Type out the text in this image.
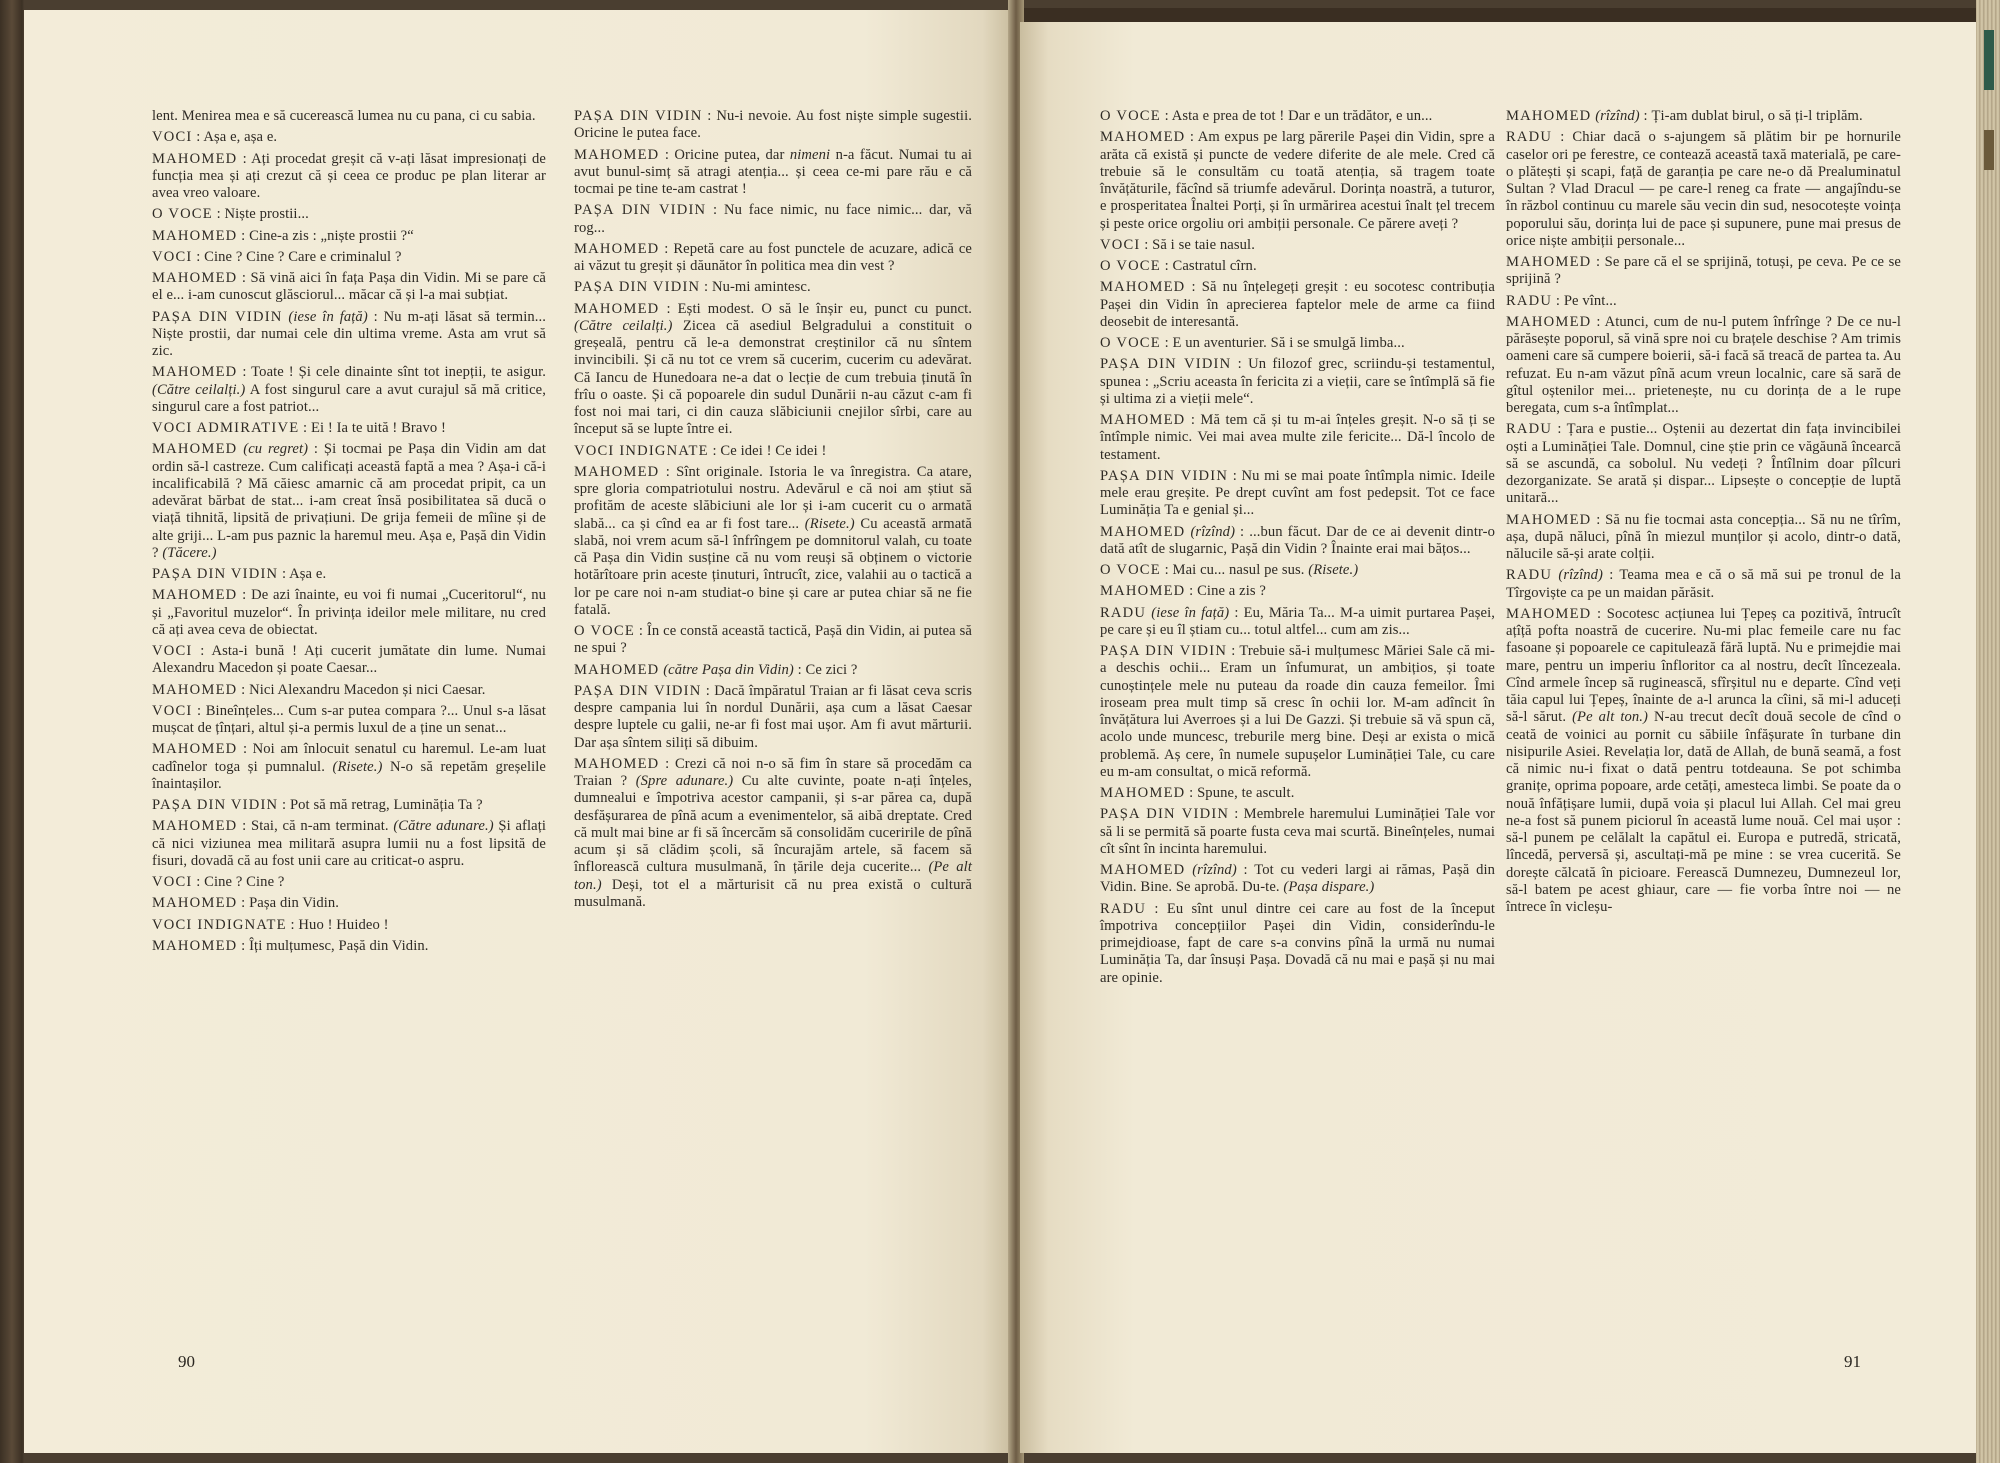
lent. Menirea mea e să cucerească lumea nu cu pana, ci cu sabia.

VOCI : Așa e, așa e.

MAHOMED : Ați procedat greșit că v-ați lăsat impresionați de funcția mea și ați crezut că și ceea ce produc pe plan literar ar avea vreo valoare.

O VOCE : Niște prostii...

MAHOMED : Cine-a zis : „niște prostii ?“

VOCI : Cine ? Cine ? Care e criminalul ?

MAHOMED : Să vină aici în fața Pașa din Vidin. Mi se pare că el e... i-am cunoscut glăsciorul... măcar că și l-a mai subțiat.

PAȘA DIN VIDIN (iese în față) : Nu m-ați lăsat să termin... Niște prostii, dar numai cele din ultima vreme. Asta am vrut să zic.

MAHOMED : Toate ! Și cele dinainte sînt tot inepții, te asigur. (Către ceilalți.) A fost singurul care a avut curajul să mă critice, singurul care a fost patriot...

VOCI ADMIRATIVE : Ei ! Ia te uită ! Bravo !

MAHOMED (cu regret) : Și tocmai pe Pașa din Vidin am dat ordin să-l castreze. Cum calificați această faptă a mea ? Așa-i că-i incalificabilă ? Mă căiesc amarnic că am procedat pripit, ca un adevărat bărbat de stat... i-am creat însă posibilitatea să ducă o viață tihnită, lipsită de privațiuni. De grija femeii de mîine și de alte griji... L-am pus paznic la haremul meu. Așa e, Pașă din Vidin ? (Tăcere.)

PAȘA DIN VIDIN : Așa e.

MAHOMED : De azi înainte, eu voi fi numai „Cuceritorul“, nu și „Favoritul muzelor“. În privința ideilor mele militare, nu cred că ați avea ceva de obiectat.

VOCI : Asta-i bună ! Ați cucerit jumătate din lume. Numai Alexandru Macedon și poate Caesar...

MAHOMED : Nici Alexandru Macedon și nici Caesar.

VOCI : Bineînțeles... Cum s-ar putea compara ?... Unul s-a lăsat mușcat de țînțari, altul și-a permis luxul de a ține un senat...

MAHOMED : Noi am înlocuit senatul cu haremul. Le-am luat cadînelor toga și pumnalul. (Risete.) N-o să repetăm greșelile înaintașilor.

PAȘA DIN VIDIN : Pot să mă retrag, Luminăția Ta ?

MAHOMED : Stai, că n-am terminat. (Către adunare.) Și aflați că nici viziunea mea militară asupra lumii nu a fost lipsită de fisuri, dovadă că au fost unii care au criticat-o aspru.

VOCI : Cine ? Cine ?

MAHOMED : Pașa din Vidin.

VOCI INDIGNATE : Huo ! Huideo !

MAHOMED : Îți mulțumesc, Pașă din Vidin.

PAȘA DIN VIDIN : Nu-i nevoie. Au fost niște simple sugestii. Oricine le putea face.

MAHOMED : Oricine putea, dar nimeni n-a făcut. Numai tu ai avut bunul-simț să atragi atenția... și ceea ce-mi pare rău e că tocmai pe tine te-am castrat !

PAȘA DIN VIDIN : Nu face nimic, nu face nimic... dar, vă rog...

MAHOMED : Repetă care au fost punctele de acuzare, adică ce ai văzut tu greșit și dăunător în politica mea din vest ?

PAȘA DIN VIDIN : Nu-mi amintesc.

MAHOMED : Ești modest. O să le înșir eu, punct cu punct. (Către ceilalți.) Zicea că asediul Belgradului a constituit o greșeală, pentru că le-a demonstrat creștinilor că nu sîntem invincibili. Și că nu tot ce vrem să cucerim, cucerim cu adevărat. Că Iancu de Hunedoara ne-a dat o lecție de cum trebuia ținută în frîu o oaste. Și că popoarele din sudul Dunării n-au căzut c-am fi fost noi mai tari, ci din cauza slăbiciunii cnejilor sîrbi, care au început să se lupte între ei.

VOCI INDIGNATE : Ce idei ! Ce idei !

MAHOMED : Sînt originale. Istoria le va înregistra. Ca atare, spre gloria compatriotului nostru. Adevărul e că noi am știut să profităm de aceste slăbiciuni ale lor și i-am cucerit cu o armată slabă... ca și cînd ea ar fi fost tare... (Risete.) Cu această armată slabă, noi vrem acum să-l înfrîngem pe domnitorul valah, cu toate că Pașa din Vidin susține că nu vom reuși să obținem o victorie hotărîtoare prin aceste ținuturi, întrucît, zice, valahii au o tactică a lor pe care noi n-am studiat-o bine și care ar putea chiar să ne fie fatală.

O VOCE : În ce constă această tactică, Pașă din Vidin, ai putea să ne spui ?

MAHOMED (către Pașa din Vidin) : Ce zici ?

PAȘA DIN VIDIN : Dacă împăratul Traian ar fi lăsat ceva scris despre campania lui în nordul Dunării, așa cum a lăsat Caesar despre luptele cu galii, ne-ar fi fost mai ușor. Am fi avut mărturii. Dar așa sîntem siliți să dibuim.

MAHOMED : Crezi că noi n-o să fim în stare să procedăm ca Traian ? (Spre adunare.) Cu alte cuvinte, poate n-ați înțeles, dumnealui e împotriva acestor campanii, și s-ar părea ca, după desfășurarea de pînă acum a evenimentelor, să aibă dreptate. Cred că mult mai bine ar fi să încercăm să consolidăm cuceririle de pînă acum și să clădim școli, să încurajăm artele, să facem să înflorească cultura musulmană, în țările deja cucerite... (Pe alt ton.) Deși, tot el a mărturisit că nu prea există o cultură musulmană.

O VOCE : Asta e prea de tot ! Dar e un trădător, e un...

MAHOMED : Am expus pe larg părerile Pașei din Vidin, spre a arăta că există și puncte de vedere diferite de ale mele. Cred că trebuie să le consultăm cu toată atenția, să tragem toate învățăturile, făcînd să triumfe adevărul. Dorința noastră, a tuturor, e prosperitatea Înaltei Porți, și în urmărirea acestui înalt țel trecem și peste orice orgoliu ori ambiții personale. Ce părere aveți ?

VOCI : Să i se taie nasul.

O VOCE : Castratul cîrn.

MAHOMED : Să nu înțelegeți greșit : eu socotesc contribuția Pașei din Vidin în aprecierea faptelor mele de arme ca fiind deosebit de interesantă.

O VOCE : E un aventurier. Să i se smulgă limba...

PAȘA DIN VIDIN : Un filozof grec, scriindu-și testamentul, spunea : „Scriu aceasta în fericita zi a vieții, care se întîmplă să fie și ultima zi a vieții mele“.

MAHOMED : Mă tem că și tu m-ai înțeles greșit. N-o să ți se întîmple nimic. Vei mai avea multe zile fericite... Dă-l încolo de testament.

PAȘA DIN VIDIN : Nu mi se mai poate întîmpla nimic. Ideile mele erau greșite. Pe drept cuvînt am fost pedepsit. Tot ce face Luminăția Ta e genial și...

MAHOMED (rîzînd) : ...bun făcut. Dar de ce ai devenit dintr-o dată atît de slugarnic, Pașă din Vidin ? Înainte erai mai bățos...

O VOCE : Mai cu... nasul pe sus. (Risete.)

MAHOMED : Cine a zis ?

RADU (iese în față) : Eu, Măria Ta... M-a uimit purtarea Pașei, pe care și eu îl știam cu... totul altfel... cum am zis...

PAȘA DIN VIDIN : Trebuie să-i mulțumesc Măriei Sale că mi-a deschis ochii... Eram un înfumurat, un ambițios, și toate cunoștințele mele nu puteau da roade din cauza femeilor. Îmi iroseam prea mult timp să cresc în ochii lor. M-am adîncit în învățătura lui Averroes și a lui De Gazzi. Și trebuie să vă spun că, acolo unde muncesc, treburile merg bine. Deși ar exista o mică problemă. Aș cere, în numele supușelor Luminăției Tale, cu care eu m-am consultat, o mică reformă.

MAHOMED : Spune, te ascult.

PAȘA DIN VIDIN : Membrele haremului Luminăției Tale vor să li se permită să poarte fusta ceva mai scurtă. Bineînțeles, numai cît sînt în incinta haremului.

MAHOMED (rîzînd) : Tot cu vederi largi ai rămas, Pașă din Vidin. Bine. Se aprobă. Du-te. (Pașa dispare.)

RADU : Eu sînt unul dintre cei care au fost de la început împotriva concepțiilor Pașei din Vidin, considerîndu-le primejdioase, fapt de care s-a convins pînă la urmă nu numai Luminăția Ta, dar însuși Pașa. Dovadă că nu mai e pașă și nu mai are opinie.

MAHOMED (rîzînd) : Ți-am dublat birul, o să ți-l triplăm.

RADU : Chiar dacă o s-ajungem să plătim bir pe hornurile caselor ori pe ferestre, ce contează această taxă materială, pe care-o plătești și scapi, față de garanția pe care ne-o dă Prealuminatul Sultan ? Vlad Dracul — pe care-l reneg ca frate — angajîndu-se în războl continuu cu marele său vecin din sud, nesocotește voința poporului său, dorința lui de pace și supunere, pune mai presus de orice niște ambiții personale...

MAHOMED : Se pare că el se sprijină, totuși, pe ceva. Pe ce se sprijină ?

RADU : Pe vînt...

MAHOMED : Atunci, cum de nu-l putem înfrînge ? De ce nu-l părăsește poporul, să vină spre noi cu brațele deschise ? Am trimis oameni care să cumpere boierii, să-i facă să treacă de partea ta. Au refuzat. Eu n-am văzut pînă acum vreun localnic, care să sară de gîtul oștenilor mei... prietenește, nu cu dorința de a le rupe beregata, cum s-a întîmplat...

RADU : Țara e pustie... Oștenii au dezertat din fața invincibilei oști a Luminăției Tale. Domnul, cine știe prin ce văgăună încearcă să se ascundă, ca sobolul. Nu vedeți ? Întîlnim doar pîlcuri dezorganizate. Se arată și dispar... Lipsește o concepție de luptă unitară...

MAHOMED : Să nu fie tocmai asta concepția... Să nu ne tîrîm, așa, după năluci, pînă în miezul munților și acolo, dintr-o dată, nălucile să-și arate colții.

RADU (rîzînd) : Teama mea e că o să mă sui pe tronul de la Tîrgoviște ca pe un maidan părăsit.

MAHOMED : Socotesc acțiunea lui Țepeș ca pozitivă, întrucît ațîță pofta noastră de cucerire. Nu-mi plac femeile care nu fac fasoane și popoarele ce capitulează fără luptă. Nu e primejdie mai mare, pentru un imperiu înfloritor ca al nostru, decît lîncezeala. Cînd armele încep să ruginească, sfîrșitul nu e departe. Cînd veți tăia capul lui Țepeș, înainte de a-l arunca la cîini, să mi-l aduceți să-l sărut. (Pe alt ton.) N-au trecut decît două secole de cînd o ceată de voinici au pornit cu săbiile înfășurate în turbane din nisipurile Asiei. Revelația lor, dată de Allah, de bună seamă, a fost că nimic nu-i fixat o dată pentru totdeauna. Se pot schimba granițe, oprima popoare, arde cetăți, amesteca limbi. Se poate da o nouă înfățișare lumii, după voia și placul lui Allah. Cel mai greu ne-a fost să punem piciorul în această lume nouă. Cel mai ușor : să-l punem pe celălalt la capătul ei. Europa e putredă, stricată, lîncedă, perversă și, ascultați-mă pe mine : se vrea cucerită. Se dorește călcată în picioare. Ferească Dumnezeu, Dumnezeul lor, să-l batem pe acest ghiaur, care — fie vorba între noi — ne întrece în vicleșu-

90	91
